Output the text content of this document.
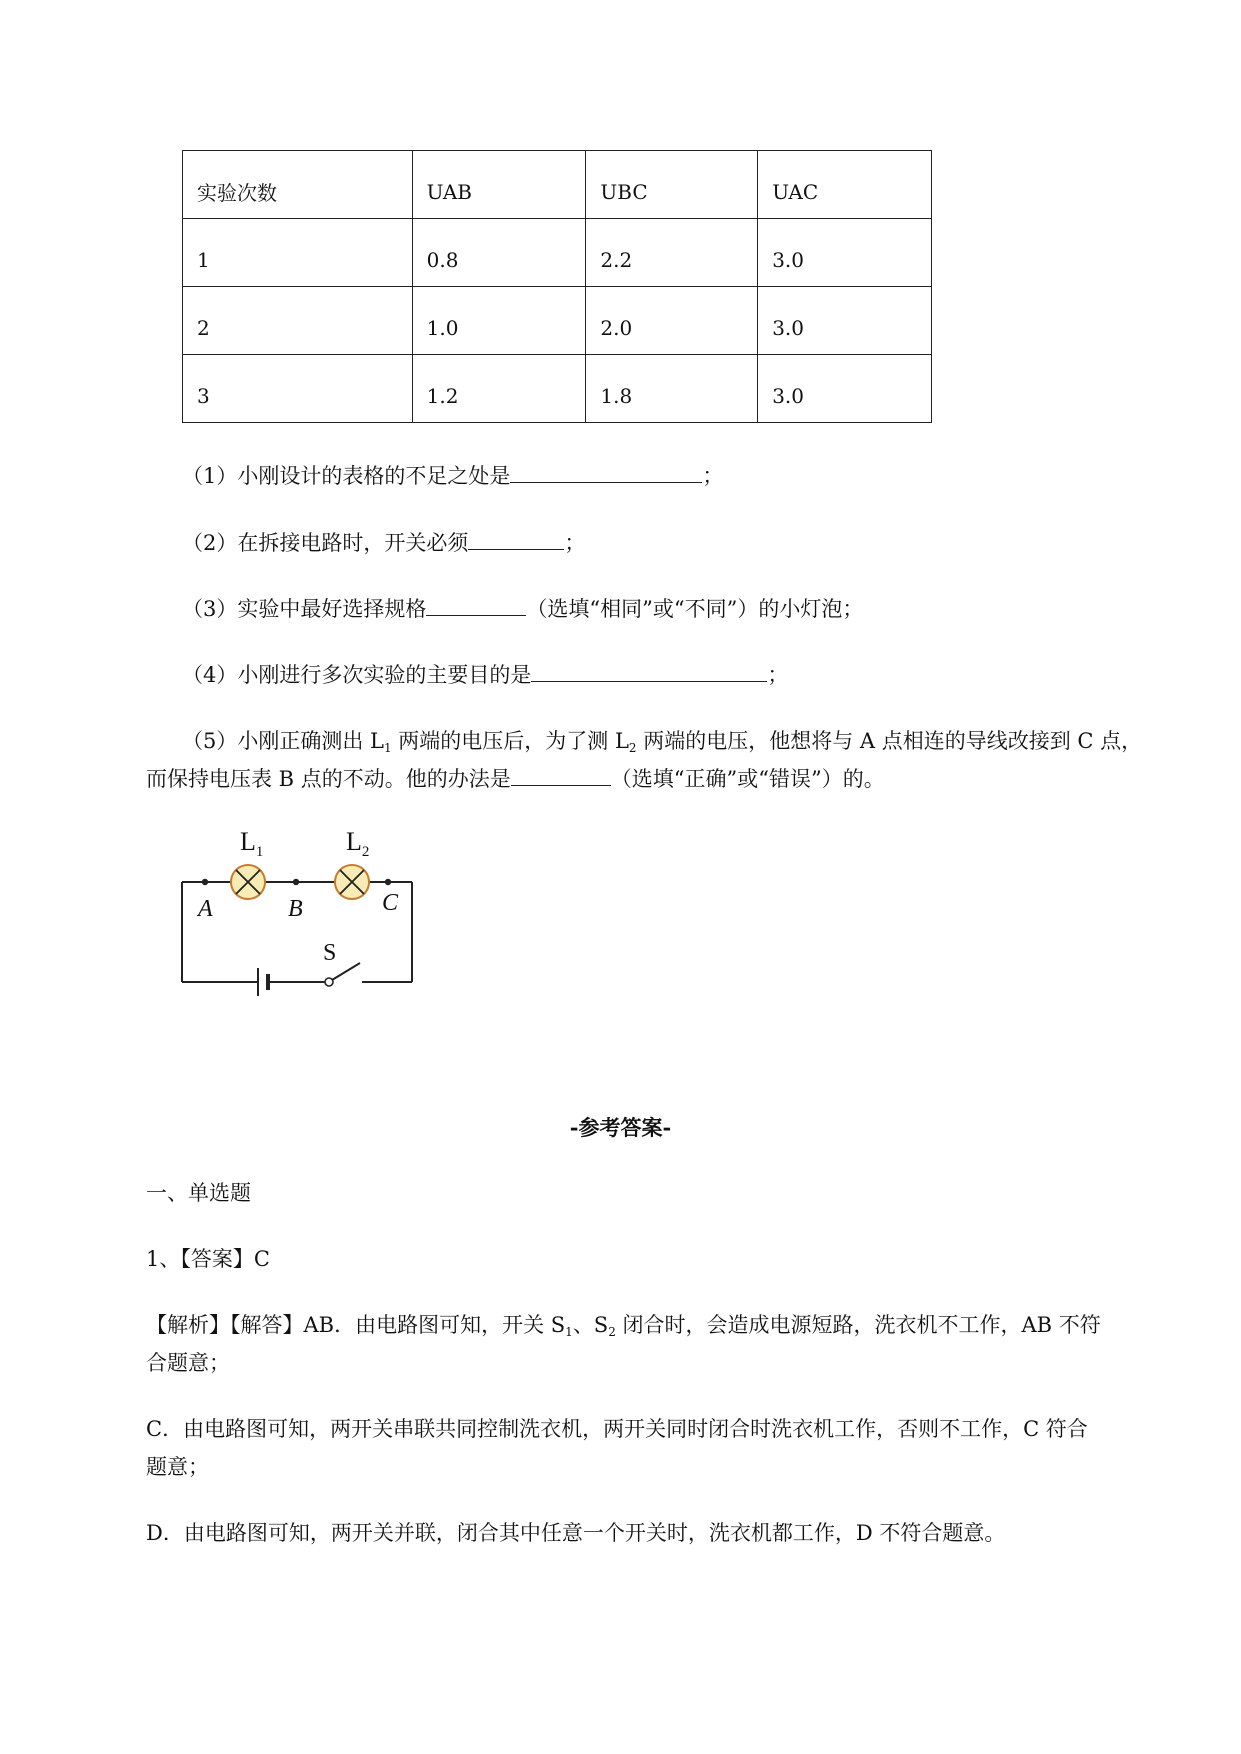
实验次数	UAB	UBC	UAC
1	0.8	2.2	3.0
2	1.0	2.0	3.0
3	1.2	1.8	3.0
（1）小刚设计的表格的不足之处是	；
（2）在拆接电路时，开关必须	；
（3）实验中最好选择规格	（选填“相同”或“不同”）的小灯泡；
（4）小刚进行多次实验的主要目的是	；
（5）小刚正确测出 $L_1$ 两端的电压后，为了测 $L_2$ 两端的电压，他想将与 A 点相连的导线改接到 C 点，
而保持电压表 B 点的不动。他的办法是	（选填“正确”或“错误”）的。
S
$L_1$	$L_2$
A	B	C
-参考答案-
一、单选题
1、【答案】C
【解析】【解答】AB．由电路图可知，开关 $S_1$、$S_2$ 闭合时，会造成电源短路，洗衣机不工作，AB 不符
合题意；
C．由电路图可知，两开关串联共同控制洗衣机，两开关同时闭合时洗衣机工作，否则不工作，C 符合
题意；
D．由电路图可知，两开关并联，闭合其中任意一个开关时，洗衣机都工作，D 不符合题意。
